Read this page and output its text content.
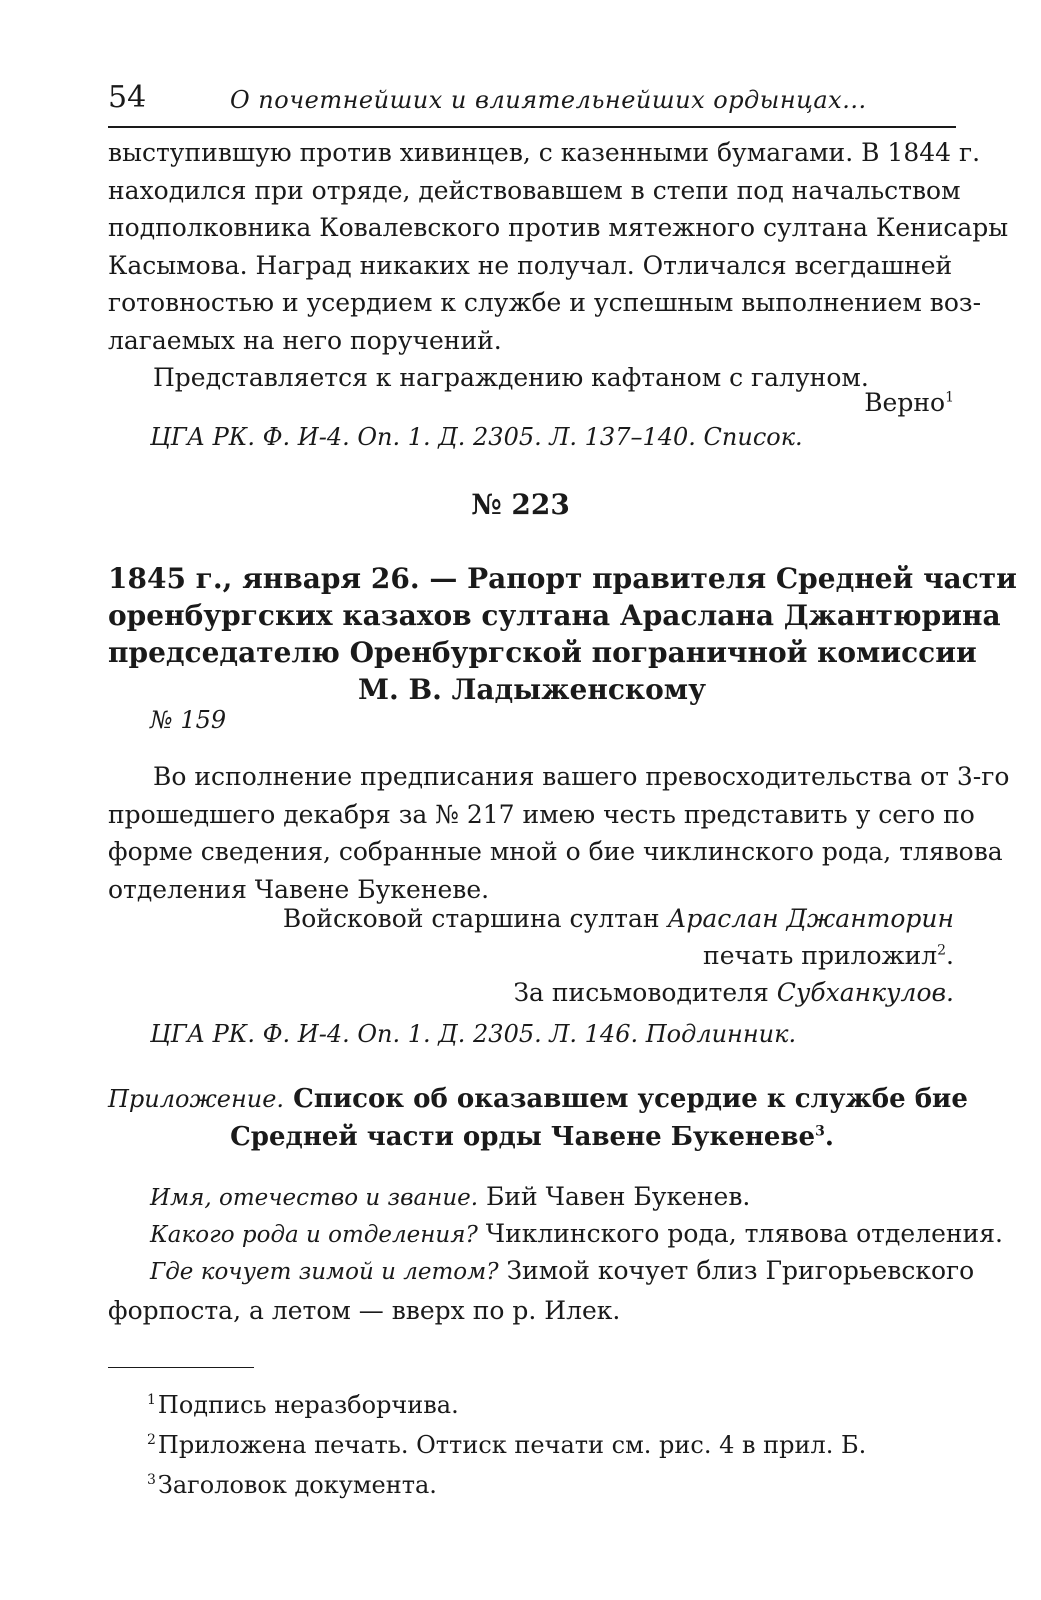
54	О почетнейших и влиятельнейших ордынцах...
выступившую против хивинцев, с казенными бумагами. В 1844 г.
находился при отряде, действовавшем в степи под начальством
подполковника Ковалевского против мятежного султана Кенисары
Касымова. Наград никаких не получал. Отличался всегдашней
готовностью и усердием к службе и успешным выполнением воз-
лагаемых на него поручений.
Представляется к награждению кафтаном с галуном.
Верно$^1$
ЦГА РК. Ф. И-4. Оп. 1. Д. 2305. Л. 137–140. Список.
№ 223
1845 г., января 26. — Рапорт правителя Средней части
оренбургских казахов султана Араслана Джантюрина
председателю Оренбургской пограничной комиссии
М. В. Ладыженскому
№ 159
Во исполнение предписания вашего превосходительства от 3-го
прошедшего декабря за № 217 имею честь представить у сего по
форме сведения, собранные мной о бие чиклинского рода, тлявова
отделения Чавене Букеневе.
Войсковой старшина султан Араслан Джанторин
печать приложил$^2$.
За письмоводителя Субханкулов.
ЦГА РК. Ф. И-4. Оп. 1. Д. 2305. Л. 146. Подлинник.
Приложение. Список об оказавшем усердие к службе бие
Средней части орды Чавене Букеневе$^3$.
Имя, отечество и звание. Бий Чавен Букенев.
Какого рода и отделения? Чиклинского рода, тлявова отделения.
Где кочует зимой и летом? Зимой кочует близ Григорьевского
форпоста, а летом — вверх по р. Илек.
$^1$Подпись неразборчива.
$^2$Приложена печать. Оттиск печати см. рис. 4 в прил. Б.
$^3$Заголовок документа.
